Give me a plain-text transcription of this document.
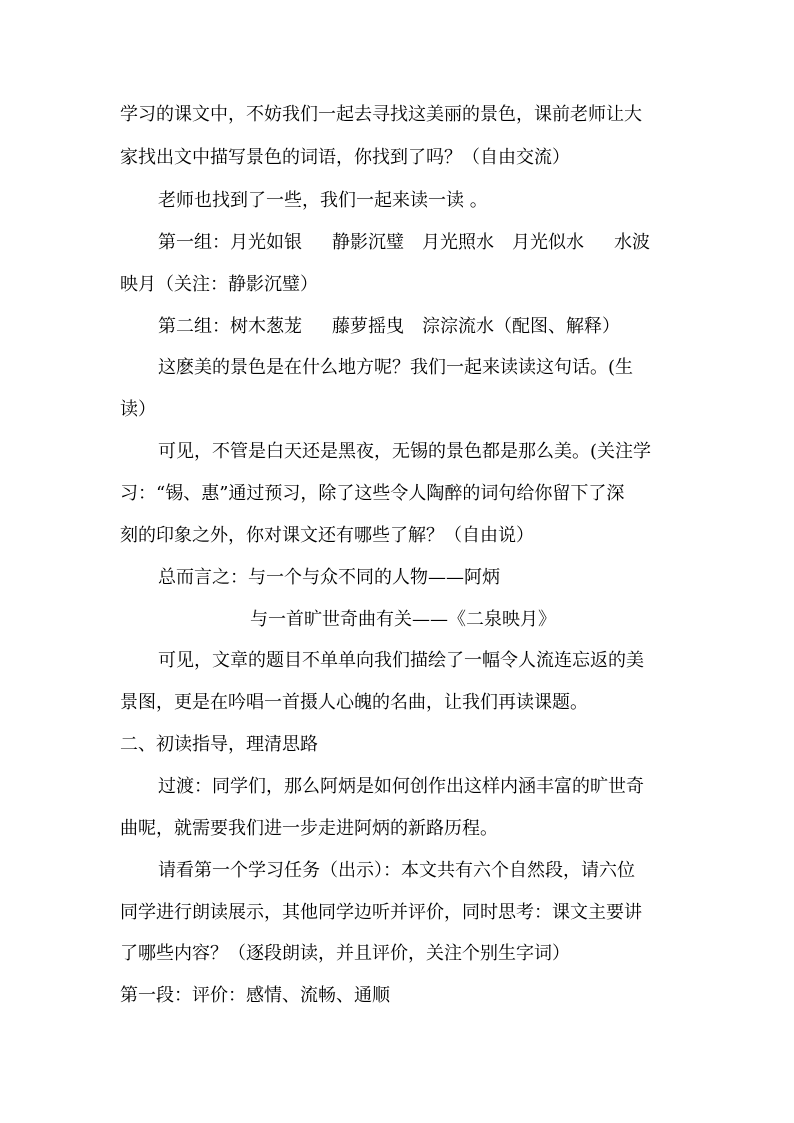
学习的课文中，不妨我们一起去寻找这美丽的景色，课前老师让大
家找出文中描写景色的词语，你找到了吗？（自由交流）
老师也找到了一些，我们一起来读一读 。
第一组：月光如银 静影沉璧 月光照水 月光似水 水波
映月（关注：静影沉璧）
第二组：树木葱茏 藤萝摇曳 淙淙流水（配图、解释）
这麽美的景色是在什么地方呢？我们一起来读读这句话。(生
读）
可见，不管是白天还是黑夜，无锡的景色都是那么美。(关注学
习：“锡、惠”通过预习，除了这些令人陶醉的词句给你留下了深
刻的印象之外，你对课文还有哪些了解？（自由说）
总而言之：与一个与众不同的人物——阿炳
与一首旷世奇曲有关——《二泉映月》
可见，文章的题目不单单向我们描绘了一幅令人流连忘返的美
景图，更是在吟唱一首摄人心魄的名曲，让我们再读课题。
二、初读指导，理清思路
过渡：同学们，那么阿炳是如何创作出这样内涵丰富的旷世奇
曲呢，就需要我们进一步走进阿炳的新路历程。
请看第一个学习任务（出示）：本文共有六个自然段，请六位
同学进行朗读展示，其他同学边听并评价，同时思考：课文主要讲
了哪些内容？（逐段朗读，并且评价，关注个别生字词）
第一段：评价：感情、流畅、通顺
